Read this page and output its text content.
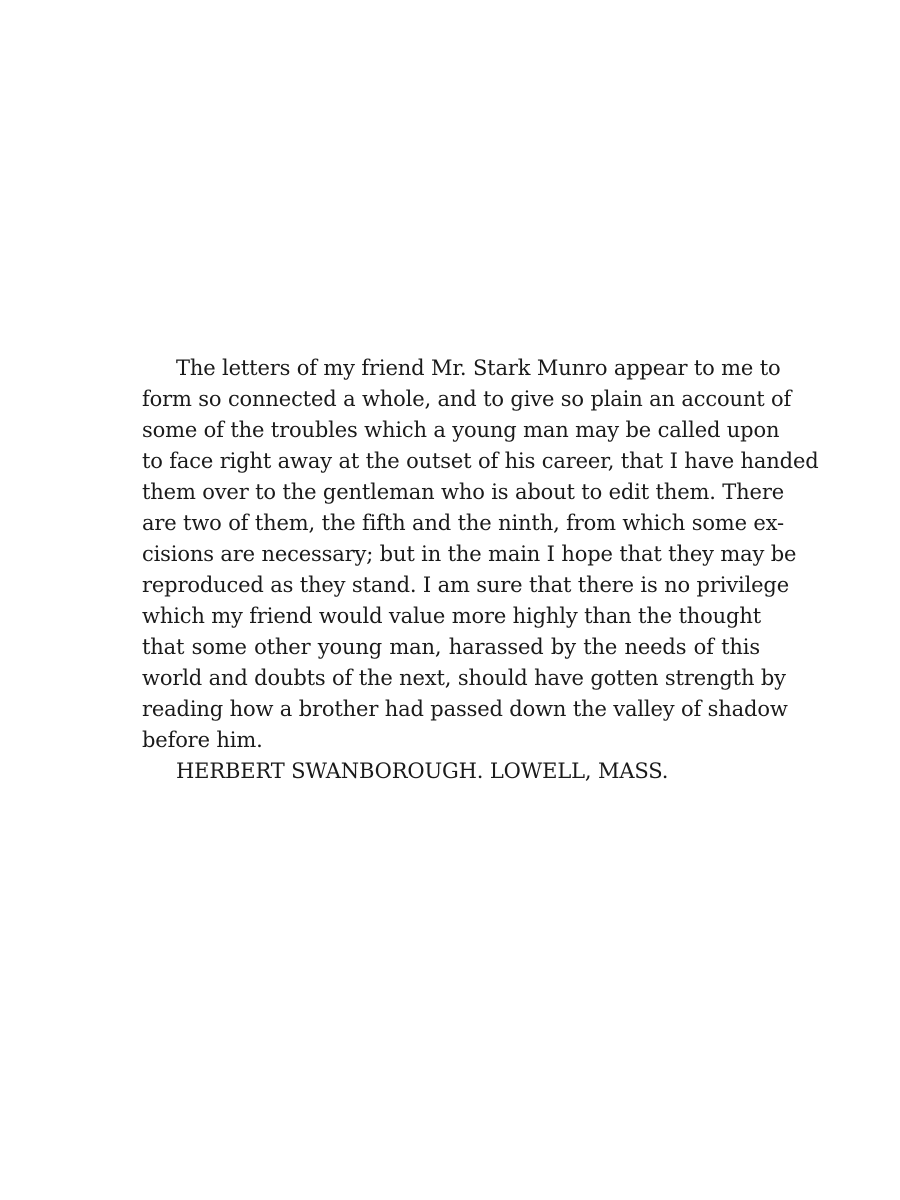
The letters of my friend Mr. Stark Munro appear to me to
form so connected a whole, and to give so plain an account of
some of the troubles which a young man may be called upon
to face right away at the outset of his career, that I have handed
them over to the gentleman who is about to edit them. There
are two of them, the fifth and the ninth, from which some ex-
cisions are necessary; but in the main I hope that they may be
reproduced as they stand. I am sure that there is no privilege
which my friend would value more highly than the thought
that some other young man, harassed by the needs of this
world and doubts of the next, should have gotten strength by
reading how a brother had passed down the valley of shadow
before him.
HERBERT SWANBOROUGH. LOWELL, MASS.
